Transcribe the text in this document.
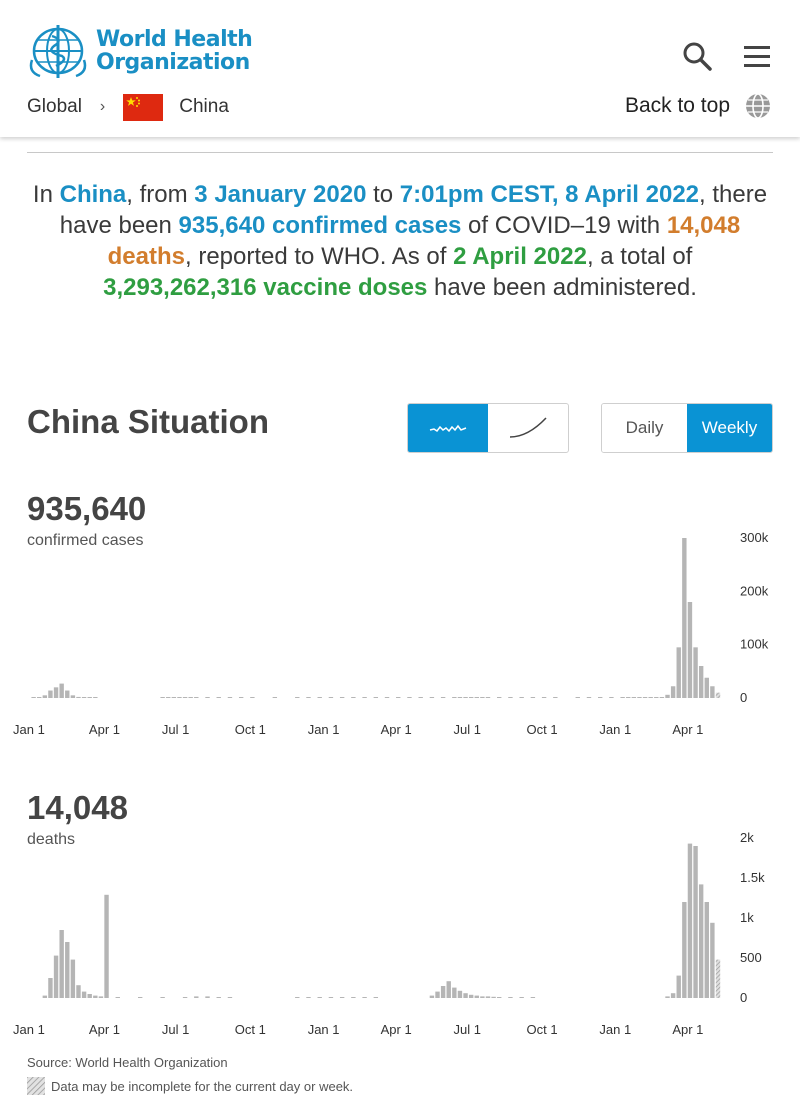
World Health
Organization
Global ›	China	Back to top

In China, from 3 January 2020 to 7:01pm CEST, 8 April 2022, there have been 935,640 confirmed cases of COVID–19 with 14,048 deaths, reported to WHO. As of 2 April 2022, a total of 3,293,262,316 vaccine doses have been administered.

China Situation	Daily	Weekly
935,640
confirmed cases
0
100k
200k
300k
Jan 1	Apr 1	Jul 1	Oct 1	Jan 1	Apr 1	Jul 1	Oct 1	Jan 1	Apr 1
14,048
deaths
0
500
1k
1.5k
2k
Jan 1	Apr 1	Jul 1	Oct 1	Jan 1	Apr 1	Jul 1	Oct 1	Jan 1	Apr 1
Source: World Health Organization
Data may be incomplete for the current day or week.
